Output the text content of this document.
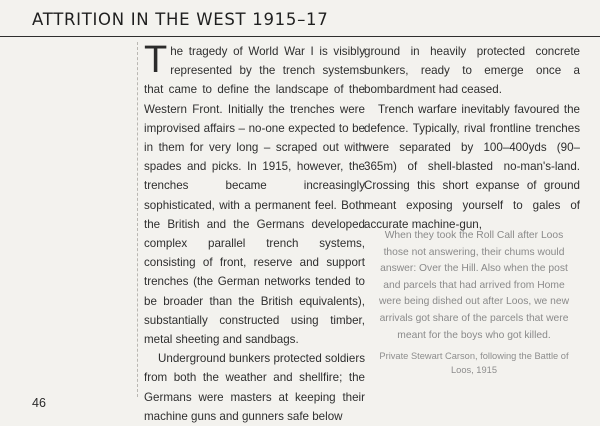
ATTRITION IN THE WEST 1915–17

The tragedy of World War I is visibly represented by the trench systems that came to define the landscape of the Western Front. Initially the trenches were improvised affairs – no-one expected to be in them for very long – scraped out with spades and picks. In 1915, however, the trenches became increasingly sophisticated, with a permanent feel. Both the British and the Germans developed complex parallel trench systems, consisting of front, reserve and support trenches (the German networks tended to be broader than the British equivalents), substantially constructed using timber, metal sheeting and sandbags.

Underground bunkers protected soldiers from both the weather and shellfire; the Germans were masters at keeping their machine guns and gunners safe below

ground in heavily protected concrete bunkers, ready to emerge once a bombardment had ceased.

Trench warfare inevitably favoured the defence. Typically, rival frontline trenches were separated by 100–400yds (90–365m) of shell-blasted no-man's-land. Crossing this short expanse of ground meant exposing yourself to gales of accurate machine-gun,

When they took the Roll Call after Loos those not answering, their chums would answer: Over the Hill. Also when the post and parcels that had arrived from Home were being dished out after Loos, we new arrivals got share of the parcels that were meant for the boys who got killed.

Private Stewart Carson, following the Battle of Loos, 1915

46
